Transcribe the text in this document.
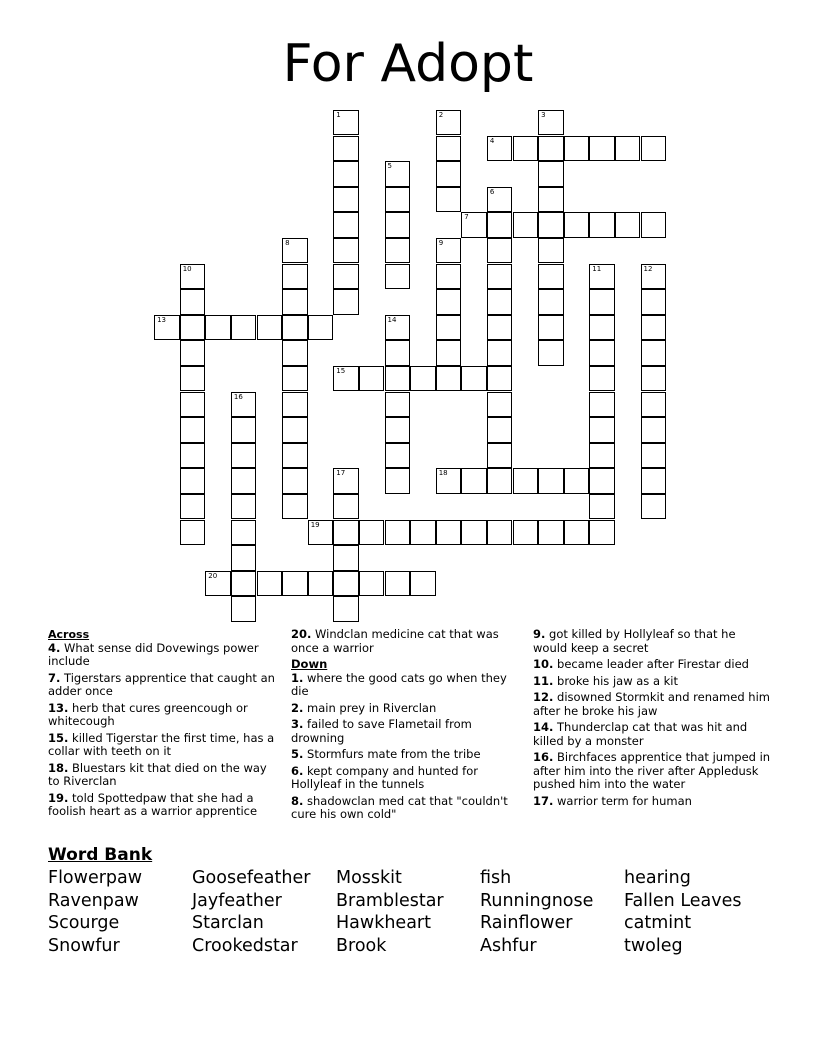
For Adopt
1	2	3
4
5
6
7
8	9
10	11	12
13	14
15
16
17	18
19
20

Across

4. What sense did Dovewings power include

7. Tigerstars apprentice that caught an adder once

13. herb that cures greencough or whitecough

15. killed Tigerstar the first time, has a collar with teeth on it

18. Bluestars kit that died on the way to Riverclan

19. told Spottedpaw that she had a foolish heart as a warrior apprentice

20. Windclan medicine cat that was once a warrior

Down

1. where the good cats go when they die

2. main prey in Riverclan

3. failed to save Flametail from drowning

5. Stormfurs mate from the tribe

6. kept company and hunted for Hollyleaf in the tunnels

8. shadowclan med cat that "couldn't cure his own cold"

9. got killed by Hollyleaf so that he would keep a secret

10. became leader after Firestar died

11. broke his jaw as a kit

12. disowned Stormkit and renamed him after he broke his jaw

14. Thunderclap cat that was hit and killed by a monster

16. Birchfaces apprentice that jumped in after him into the river after Appledusk pushed him into the water

17. warrior term for human

Word Bank
Flowerpaw
Ravenpaw
Scourge
Snowfur
Goosefeather
Jayfeather
Starclan
Crookedstar
Mosskit
Bramblestar
Hawkheart
Brook
fish
Runningnose
Rainflower
Ashfur
hearing
Fallen Leaves
catmint
twoleg
